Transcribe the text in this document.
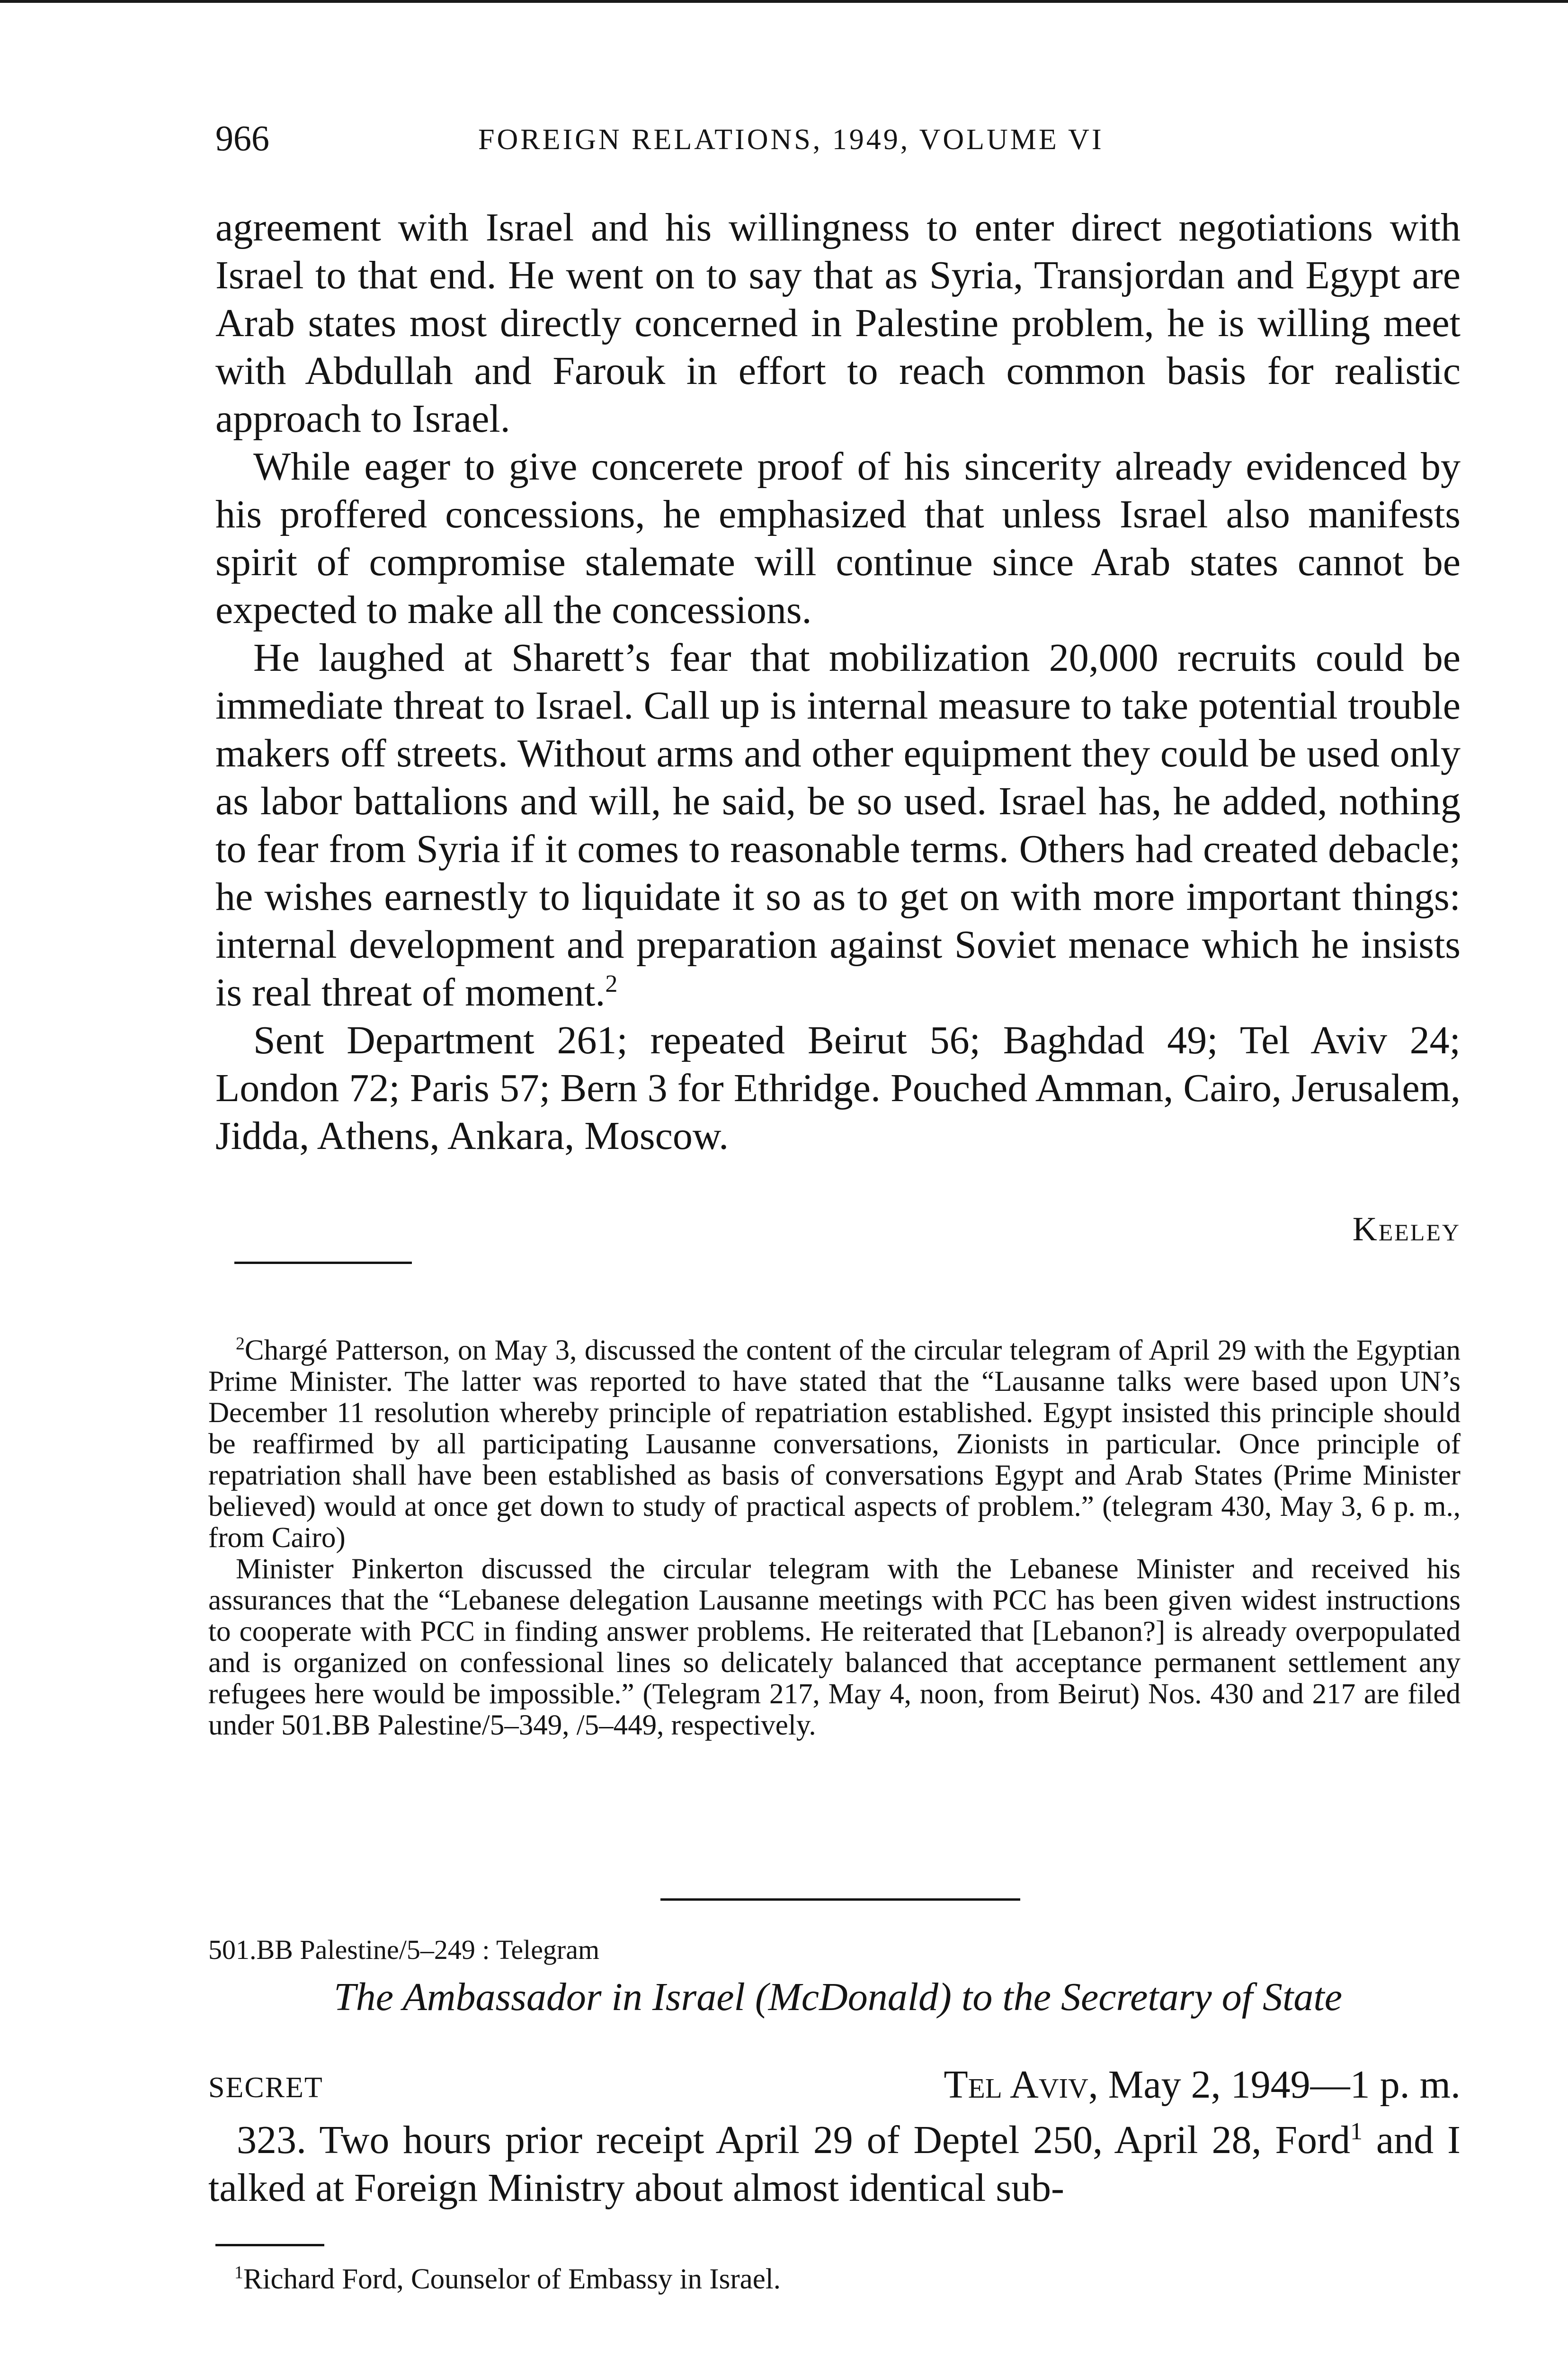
966	FOREIGN RELATIONS, 1949, VOLUME VI

agreement with Israel and his willingness to enter direct negotiations with Israel to that end. He went on to say that as Syria, Transjordan and Egypt are Arab states most directly concerned in Palestine problem, he is willing meet with Abdullah and Farouk in effort to reach common basis for realistic approach to Israel.

While eager to give concerete proof of his sincerity already evidenced by his proffered concessions, he emphasized that unless Israel also manifests spirit of compromise stalemate will continue since Arab states cannot be expected to make all the concessions.

He laughed at Sharett’s fear that mobilization 20,000 recruits could be immediate threat to Israel. Call up is internal measure to take potential trouble makers off streets. Without arms and other equipment they could be used only as labor battalions and will, he said, be so used. Israel has, he added, nothing to fear from Syria if it comes to reasonable terms. Others had created debacle; he wishes earnestly to liquidate it so as to get on with more important things: internal development and preparation against Soviet menace which he insists is real threat of moment.$^2$

Sent Department 261; repeated Beirut 56; Baghdad 49; Tel Aviv 24; London 72; Paris 57; Bern 3 for Ethridge. Pouched Amman, Cairo, Jerusalem, Jidda, Athens, Ankara, Moscow.

Keeley

$^2$Chargé Patterson, on May 3, discussed the content of the circular telegram of April 29 with the Egyptian Prime Minister. The latter was reported to have stated that the “Lausanne talks were based upon UN’s December 11 resolution whereby principle of repatriation established. Egypt insisted this principle should be reaffirmed by all participating Lausanne conversations, Zionists in particular. Once principle of repatriation shall have been established as basis of conversations Egypt and Arab States (Prime Minister believed) would at once get down to study of practical aspects of problem.” (telegram 430, May 3, 6 p. m., from Cairo)

Minister Pinkerton discussed the circular telegram with the Lebanese Minister and received his assurances that the “Lebanese delegation Lausanne meetings with PCC has been given widest instructions to cooperate with PCC in finding answer problems. He reiterated that [Lebanon?] is already overpopulated and is organized on confessional lines so delicately balanced that acceptance permanent settlement any refugees here would be impossible.” (Telegram 217, May 4, noon, from Beirut) Nos. 430 and 217 are filed under 501.BB Palestine/5–349, /5–449, respectively.

501.BB Palestine/5–249 : Telegram
The Ambassador in Israel (McDonald) to the Secretary of State
SECRET	Tel Aviv, May 2, 1949—1 p. m.

323. Two hours prior receipt April 29 of Deptel 250, April 28, Ford$^1$ and I talked at Foreign Ministry about almost identical sub-

$^1$Richard Ford, Counselor of Embassy in Israel.
